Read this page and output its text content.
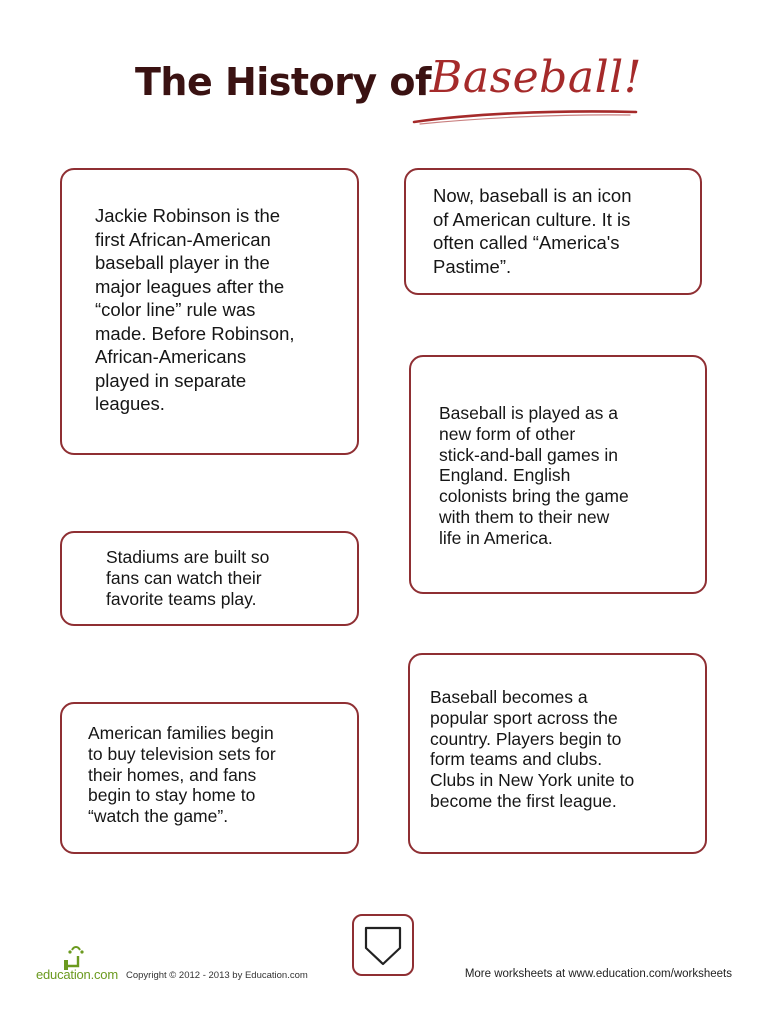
The History of
Baseball!
Jackie Robinson is the
first African-American
baseball player in the
major leagues after the
“color line” rule was
made. Before Robinson,
African-Americans
played in separate
leagues.
Now, baseball is an icon
of American culture. It is
often called “America's
Pastime”.
Baseball is played as a
new form of other
stick-and-ball games in
England. English
colonists bring the game
with them to their new
life in America.
Stadiums are built so
fans can watch their
favorite teams play.
American families begin
to buy television sets for
their homes, and fans
begin to stay home to
“watch the game”.
Baseball becomes a
popular sport across the
country. Players begin to
form teams and clubs.
Clubs in New York unite to
become the first league.
education.com Copyright © 2012 - 2013 by Education.com	More worksheets at www.education.com/worksheets
